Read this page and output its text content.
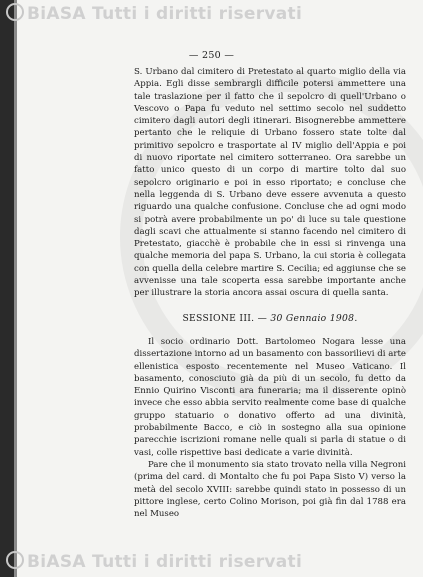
BiASA Tutti i diritti riservati
— 250 —

S. Urbano dal cimitero di Pretestato al quarto miglio della via Appia. Egli disse sembrargli difficile potersi ammettere una tale traslazione per il fatto che il sepolcro di quell'Urbano o Vescovo o Papa fu veduto nel settimo secolo nel suddetto cimitero dagli autori degli itinerari. Bisognerebbe ammettere pertanto che le reliquie di Urbano fossero state tolte dal primitivo sepolcro e trasportate al IV miglio dell'Appia e poi di nuovo riportate nel cimitero sotterraneo. Ora sarebbe un fatto unico questo di un corpo di martire tolto dal suo sepolcro originario e poi in esso riportato; e concluse che nella leggenda di S. Urbano deve essere avvenuta a questo riguardo una qualche confusione. Concluse che ad ogni modo si potrà avere probabilmente un po' di luce su tale questione dagli scavi che attualmente si stanno facendo nel cimitero di Pretestato, giacchè è probabile che in essi si rinvenga una qualche memoria del papa S. Urbano, la cui storia è collegata con quella della celebre martire S. Cecilia; ed aggiunse che se avvenisse una tale scoperta essa sarebbe importante anche per illustrare la storia ancora assai oscura di quella santa.

SESSIONE III. — 30 Gennaio 1908.

Il socio ordinario Dott. Bartolomeo Nogara lesse una dissertazione intorno ad un basamento con bassorilievi di arte ellenistica esposto recentemente nel Museo Vaticano. Il basamento, conosciuto già da più di un secolo, fu detto da Ennio Quirino Visconti ara funeraria; ma il disserente opinò invece che esso abbia servito realmente come base di qualche gruppo statuario o donativo offerto ad una divinità, probabilmente Bacco, e ciò in sostegno alla sua opinione parecchie iscrizioni romane nelle quali si parla di statue o di vasi, colle rispettive basi dedicate a varie divinità.

Pare che il monumento sia stato trovato nella villa Negroni (prima del card. di Montalto che fu poi Papa Sisto V) verso la metà del secolo XVIII: sarebbe quindi stato in possesso di un pittore inglese, certo Colino Morison, poi già fin dal 1788 era nel Museo

BiASA Tutti i diritti riservati
